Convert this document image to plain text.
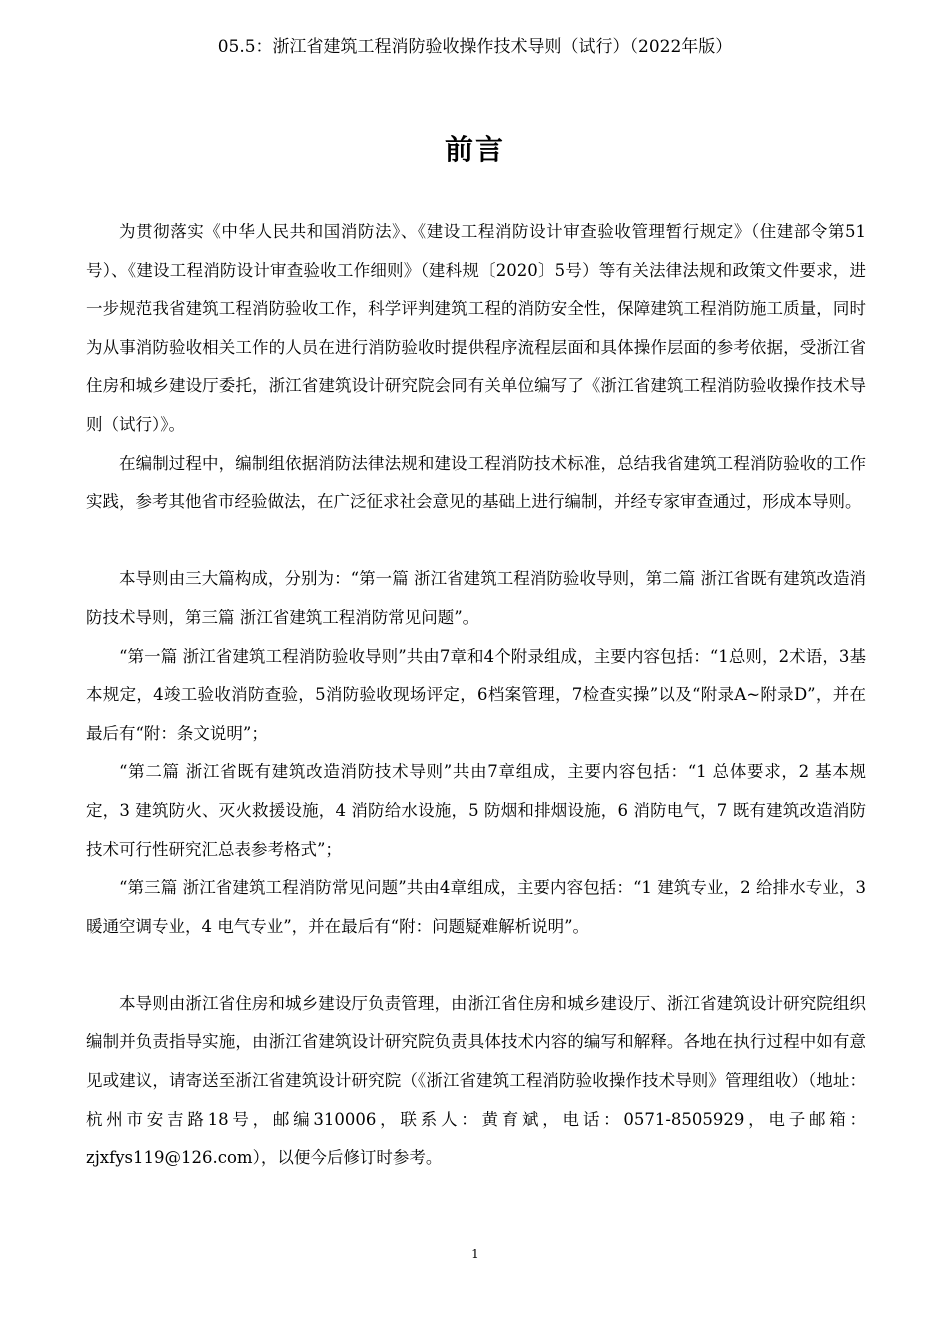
05.5：浙江省建筑工程消防验收操作技术导则（试行）（2022年版）
前言

为贯彻落实《中华人民共和国消防法》、《建设工程消防设计审查验收管理暂行规定》（住建部令第51号）、《建设工程消防设计审查验收工作细则》（建科规〔2020〕5号）等有关法律法规和政策文件要求，进一步规范我省建筑工程消防验收工作，科学评判建筑工程的消防安全性，保障建筑工程消防施工质量，同时为从事消防验收相关工作的人员在进行消防验收时提供程序流程层面和具体操作层面的参考依据，受浙江省住房和城乡建设厅委托，浙江省建筑设计研究院会同有关单位编写了《浙江省建筑工程消防验收操作技术导则（试行）》。

在编制过程中，编制组依据消防法律法规和建设工程消防技术标准，总结我省建筑工程消防验收的工作实践，参考其他省市经验做法，在广泛征求社会意见的基础上进行编制，并经专家审查通过，形成本导则。

本导则由三大篇构成，分别为：“第一篇 浙江省建筑工程消防验收导则，第二篇 浙江省既有建筑改造消防技术导则，第三篇 浙江省建筑工程消防常见问题”。

“第一篇 浙江省建筑工程消防验收导则”共由7章和4个附录组成，主要内容包括：“1总则，2术语，3基本规定，4竣工验收消防查验，5消防验收现场评定，6档案管理，7检查实操”以及“附录A~附录D”，并在最后有“附：条文说明”；

“第二篇 浙江省既有建筑改造消防技术导则”共由7章组成，主要内容包括：“1 总体要求，2 基本规定，3 建筑防火、灭火救援设施，4 消防给水设施，5 防烟和排烟设施，6 消防电气，7 既有建筑改造消防技术可行性研究汇总表参考格式”；

“第三篇 浙江省建筑工程消防常见问题”共由4章组成，主要内容包括：“1 建筑专业，2 给排水专业，3 暖通空调专业，4 电气专业”，并在最后有“附：问题疑难解析说明”。

本导则由浙江省住房和城乡建设厅负责管理，由浙江省住房和城乡建设厅、浙江省建筑设计研究院组织编制并负责指导实施，由浙江省建筑设计研究院负责具体技术内容的编写和解释。各地在执行过程中如有意见或建议，请寄送至浙江省建筑设计研究院（《浙江省建筑工程消防验收操作技术导则》管理组收）（地址：杭州市安吉路18号，邮编310006，联系人：黄育斌，电话：0571-8505929，电子邮箱：zjxfys119@126.com），以便今后修订时参考。

1
